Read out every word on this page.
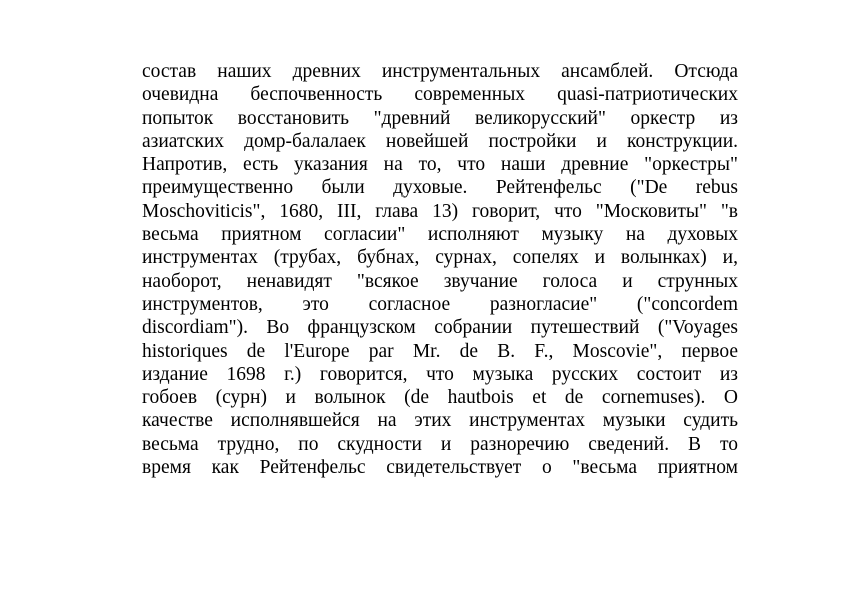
состав наших древних инструментальных ансамблей. Отсюда
очевидна беспочвенность современных quasi-патриотических
попыток восстановить "древний великорусский" оркестр из
азиатских домр-балалаек новейшей постройки и конструкции.
Напротив, есть указания на то, что наши древние "оркестры"
преимущественно были духовые. Рейтенфельс ("De rebus
Moschoviticis", 1680, III, глава 13) говорит, что "Московиты" "в
весьма приятном согласии" исполняют музыку на духовых
инструментах (трубах, бубнах, сурнах, сопелях и волынках) и,
наоборот, ненавидят "всякое звучание голоса и струнных
инструментов, это согласное разногласие" ("concordem
discordiam"). Во французском собрании путешествий ("Voyages
historiques de l'Europe par Mr. de B. F., Moscovie", первое
издание 1698 г.) говорится, что музыка русских состоит из
гобоев (сурн) и волынок (de hautbois et de cornemuses). О
качестве исполнявшейся на этих инструментах музыки судить
весьма трудно, по скудности и разноречию сведений. В то
время как Рейтенфельс свидетельствует о "весьма приятном
